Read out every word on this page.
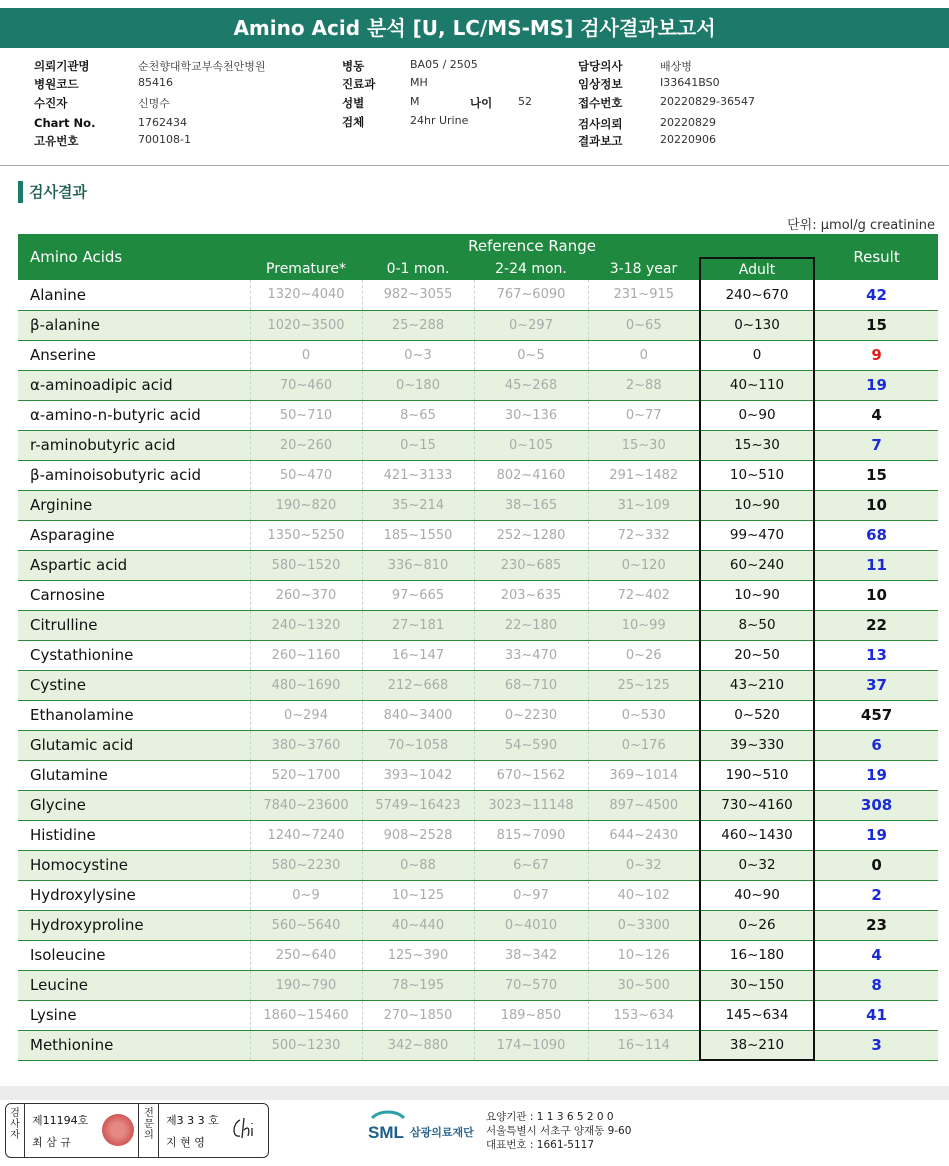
Amino Acid 분석 [U, LC/MS-MS] 검사결과보고서
의뢰기관명	순천향대학교부속천안병원
병원코드	85416
수진자	신명수
Chart No.	1762434
고유번호	700108-1
병동	BA05 / 2505
진료과	MH
성별	M
검체	24hr Urine
나이 52
담당의사	배상병
임상정보	I33641BS0
접수번호	20220829-36547
검사의뢰	20220829
결과보고	20220906
검사결과
단위: μmol/g creatinine
Amino Acids	Reference Range					Result
	Premature*	0-1 mon.	2-24 mon.	3-18 year	Adult	
Alanine	1320~4040	982~3055	767~6090	231~915	240~670	42
β-alanine	1020~3500	25~288	0~297	0~65	0~130	15
Anserine	0	0~3	0~5	0	0	9
α-aminoadipic acid	70~460	0~180	45~268	2~88	40~110	19
α-amino-n-butyric acid	50~710	8~65	30~136	0~77	0~90	4
r-aminobutyric acid	20~260	0~15	0~105	15~30	15~30	7
β-aminoisobutyric acid	50~470	421~3133	802~4160	291~1482	10~510	15
Arginine	190~820	35~214	38~165	31~109	10~90	10
Asparagine	1350~5250	185~1550	252~1280	72~332	99~470	68
Aspartic acid	580~1520	336~810	230~685	0~120	60~240	11
Carnosine	260~370	97~665	203~635	72~402	10~90	10
Citrulline	240~1320	27~181	22~180	10~99	8~50	22
Cystathionine	260~1160	16~147	33~470	0~26	20~50	13
Cystine	480~1690	212~668	68~710	25~125	43~210	37
Ethanolamine	0~294	840~3400	0~2230	0~530	0~520	457
Glutamic acid	380~3760	70~1058	54~590	0~176	39~330	6
Glutamine	520~1700	393~1042	670~1562	369~1014	190~510	19
Glycine	7840~23600	5749~16423	3023~11148	897~4500	730~4160	308
Histidine	1240~7240	908~2528	815~7090	644~2430	460~1430	19
Homocystine	580~2230	0~88	6~67	0~32	0~32	0
Hydroxylysine	0~9	10~125	0~97	40~102	40~90	2
Hydroxyproline	560~5640	40~440	0~4010	0~3300	0~26	23
Isoleucine	250~640	125~390	38~342	10~126	16~180	4
Leucine	190~790	78~195	70~570	30~500	30~150	8
Lysine	1860~15460	270~1850	189~850	153~634	145~634	41
Methionine	500~1230	342~880	174~1090	16~114	38~210	3
검
사
자
제11194호
최 삼 규
전
문
의
제3 3 3 호
지 현 영
SML 삼광의료재단
요양기관 : 1 1 3 6 5 2 0 0
서울특별시 서초구 양재동 9-60
대표번호 : 1661-5117
